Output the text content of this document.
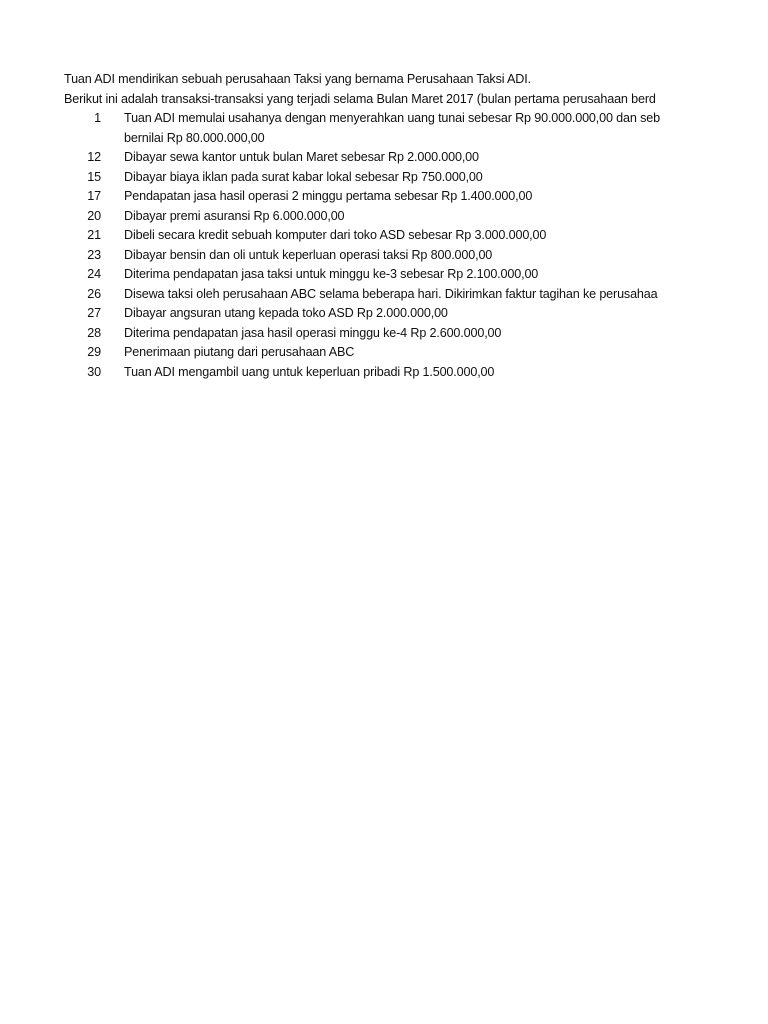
Tuan ADI mendirikan sebuah perusahaan Taksi yang bernama Perusahaan Taksi ADI.
Berikut ini adalah transaksi-transaksi yang terjadi selama Bulan Maret 2017 (bulan pertama perusahaan berd
1	Tuan ADI memulai usahanya dengan menyerahkan uang tunai sebesar Rp 90.000.000,00 dan seb
bernilai Rp 80.000.000,00
12	Dibayar sewa kantor untuk bulan Maret sebesar Rp 2.000.000,00
15	Dibayar biaya iklan pada surat kabar lokal sebesar Rp 750.000,00
17	Pendapatan jasa hasil operasi 2 minggu pertama sebesar Rp 1.400.000,00
20	Dibayar premi asuransi Rp 6.000.000,00
21	Dibeli secara kredit sebuah komputer dari toko ASD sebesar Rp 3.000.000,00
23	Dibayar bensin dan oli untuk keperluan operasi taksi Rp 800.000,00
24	Diterima pendapatan jasa taksi untuk minggu ke-3 sebesar Rp 2.100.000,00
26	Disewa taksi oleh perusahaan ABC selama beberapa hari. Dikirimkan faktur tagihan ke perusahaa
27	Dibayar angsuran utang kepada toko ASD Rp 2.000.000,00
28	Diterima pendapatan jasa hasil operasi minggu ke-4 Rp 2.600.000,00
29	Penerimaan piutang dari perusahaan ABC
30	Tuan ADI mengambil uang untuk keperluan pribadi Rp 1.500.000,00
